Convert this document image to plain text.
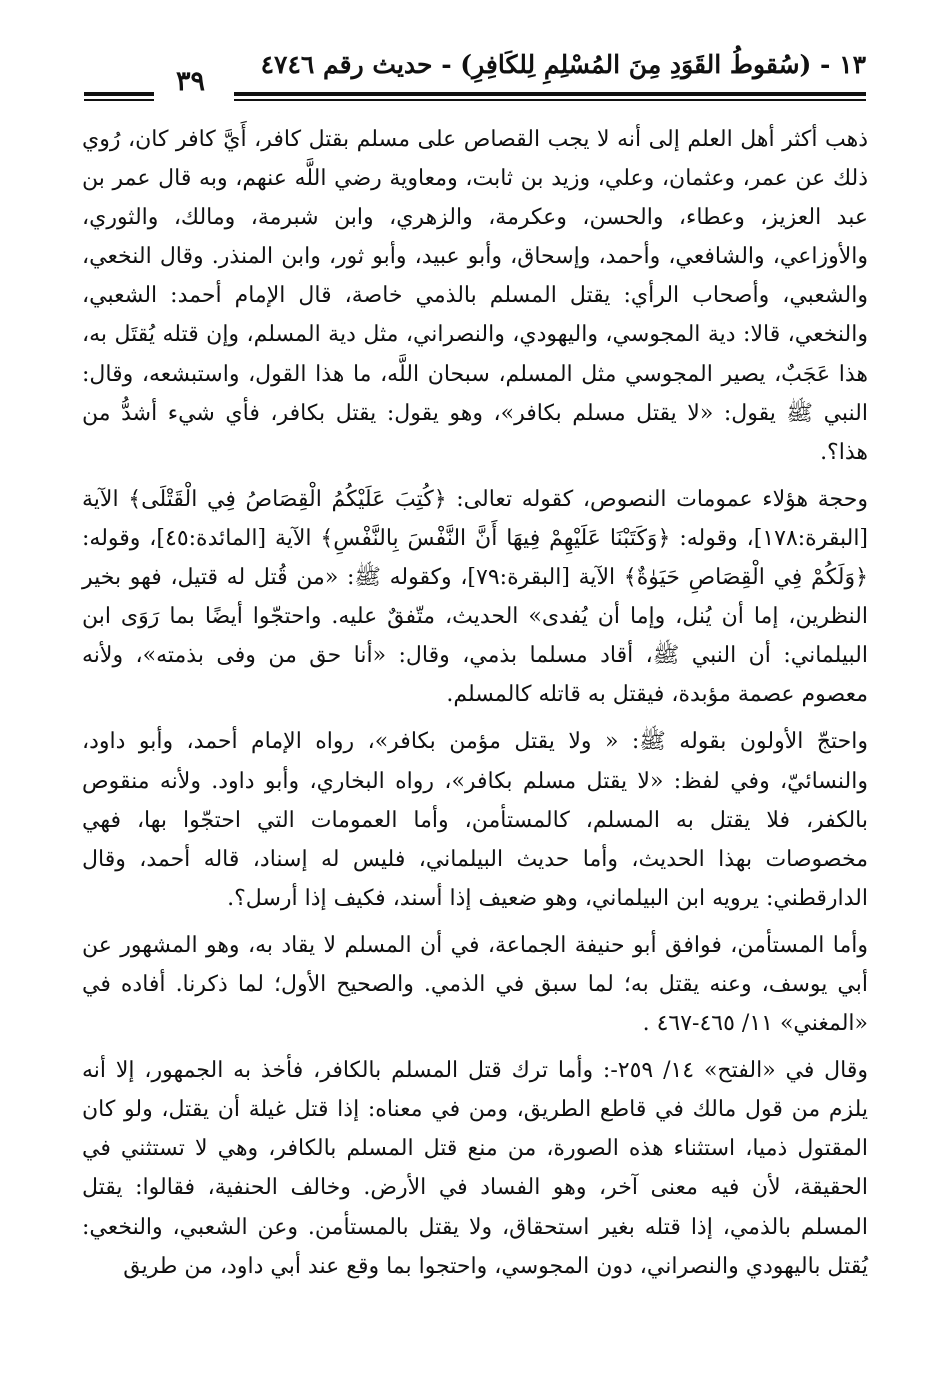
١٣ - (سُقوطُ القَوَدِ مِنَ المُسْلِمِ لِلكَافِرِ) - حديث رقم ٤٧٤٦
٣٩

ذهب أكثر أهل العلم إلى أنه لا يجب القصاص على مسلم بقتل كافر، أَيَّ كافر كان، رُوي ذلك عن عمر، وعثمان، وعلي، وزيد بن ثابت، ومعاوية رضي اللَّه عنهم، وبه قال عمر بن عبد العزيز، وعطاء، والحسن، وعكرمة، والزهري، وابن شبرمة، ومالك، والثوري، والأوزاعي، والشافعي، وأحمد، وإسحاق، وأبو عبيد، وأبو ثور، وابن المنذر. وقال النخعي، والشعبي، وأصحاب الرأي: يقتل المسلم بالذمي خاصة، قال الإمام أحمد: الشعبي، والنخعي، قالا: دية المجوسي، واليهودي، والنصراني، مثل دية المسلم، وإن قتله يُقتَل به، هذا عَجَبٌ، يصير المجوسي مثل المسلم، سبحان اللَّه، ما هذا القول، واستبشعه، وقال: النبي ﷺ يقول: «لا يقتل مسلم بكافر»، وهو يقول: يقتل بكافر، فأي شيء أشدُّ من هذا؟.

وحجة هؤلاء عمومات النصوص، كقوله تعالى: ﴿كُتِبَ عَلَيْكُمُ الْقِصَاصُ فِي الْقَتْلَى﴾ الآية [البقرة:١٧٨]، وقوله: ﴿وَكَتَبْنَا عَلَيْهِمْ فِيهَا أَنَّ النَّفْسَ بِالنَّفْسِ﴾ الآية [المائدة:٤٥]، وقوله: ﴿وَلَكُمْ فِي الْقِصَاصِ حَيَوٰةٌ﴾ الآية [البقرة:٧٩]، وكقوله ﷺ: «من قُتل له قتيل، فهو بخير النظرين، إما أن يُنل، وإما أن يُفدى» الحديث، متّفقٌ عليه. واحتجّوا أيضًا بما رَوَى ابن البيلماني: أن النبي ﷺ، أقاد مسلما بذمي، وقال: «أنا حق من وفى بذمته»، ولأنه معصوم عصمة مؤبدة، فيقتل به قاتله كالمسلم.

واحتجّ الأولون بقوله ﷺ: « ولا يقتل مؤمن بكافر»، رواه الإمام أحمد، وأبو داود، والنسائيّ، وفي لفظ: «لا يقتل مسلم بكافر»، رواه البخاري، وأبو داود. ولأنه منقوص بالكفر، فلا يقتل به المسلم، كالمستأمن، وأما العمومات التي احتجّوا بها، فهي مخصوصات بهذا الحديث، وأما حديث البيلماني، فليس له إسناد، قاله أحمد، وقال الدارقطني: يرويه ابن البيلماني، وهو ضعيف إذا أسند، فكيف إذا أرسل؟.

وأما المستأمن، فوافق أبو حنيفة الجماعة، في أن المسلم لا يقاد به، وهو المشهور عن أبي يوسف، وعنه يقتل به؛ لما سبق في الذمي. والصحيح الأول؛ لما ذكرنا. أفاده في «المغني» ١١/ ٤٦٥-٤٦٧ .

وقال في «الفتح» ١٤/ ٢٥٩-: وأما ترك قتل المسلم بالكافر، فأخذ به الجمهور، إلا أنه يلزم من قول مالك في قاطع الطريق، ومن في معناه: إذا قتل غيلة أن يقتل، ولو كان المقتول ذميا، استثناء هذه الصورة، من منع قتل المسلم بالكافر، وهي لا تستثني في الحقيقة، لأن فيه معنى آخر، وهو الفساد في الأرض. وخالف الحنفية، فقالوا: يقتل المسلم بالذمي، إذا قتله بغير استحقاق، ولا يقتل بالمستأمن. وعن الشعبي، والنخعي: يُقتل باليهودي والنصراني، دون المجوسي، واحتجوا بما وقع عند أبي داود، من طريق
